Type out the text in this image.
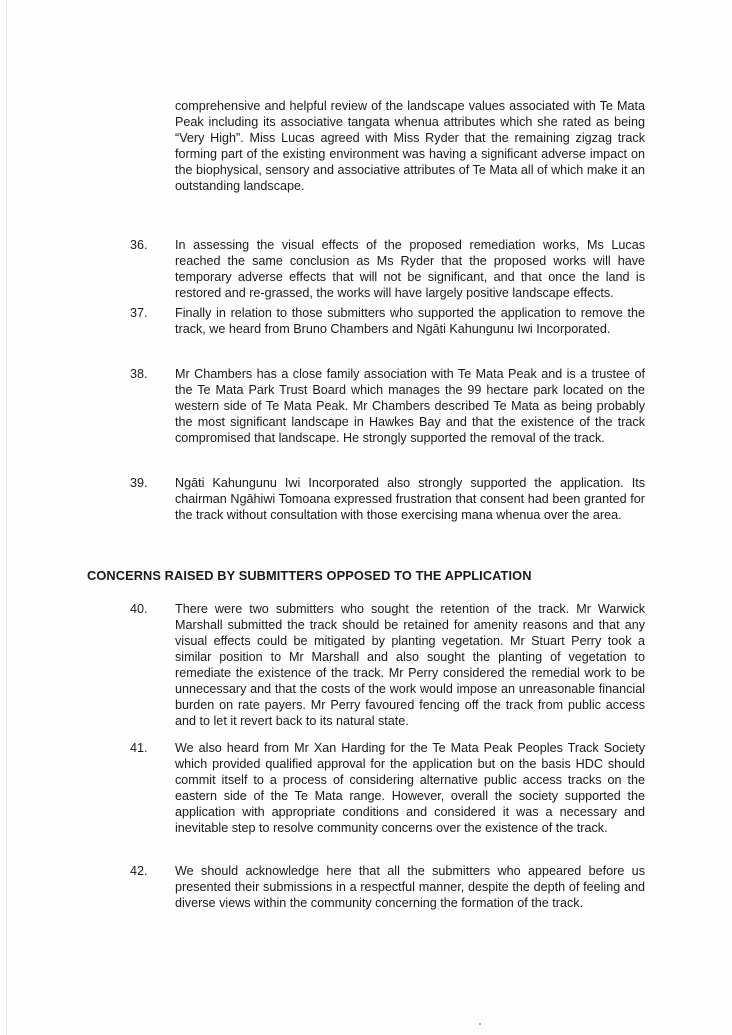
comprehensive and helpful review of the landscape values associated with Te Mata Peak including its associative tangata whenua attributes which she rated as being “Very High”. Miss Lucas agreed with Miss Ryder that the remaining zigzag track forming part of the existing environment was having a significant adverse impact on the biophysical, sensory and associative attributes of Te Mata all of which make it an outstanding landscape.
36.	In assessing the visual effects of the proposed remediation works, Ms Lucas reached the same conclusion as Ms Ryder that the proposed works will have temporary adverse effects that will not be significant, and that once the land is restored and re-grassed, the works will have largely positive landscape effects.
37.	Finally in relation to those submitters who supported the application to remove the track, we heard from Bruno Chambers and Ngāti Kahungunu Iwi Incorporated.
38.	Mr Chambers has a close family association with Te Mata Peak and is a trustee of the Te Mata Park Trust Board which manages the 99 hectare park located on the western side of Te Mata Peak. Mr Chambers described Te Mata as being probably the most significant landscape in Hawkes Bay and that the existence of the track compromised that landscape. He strongly supported the removal of the track.
39.	Ngāti Kahungunu Iwi Incorporated also strongly supported the application. Its chairman Ngāhiwi Tomoana expressed frustration that consent had been granted for the track without consultation with those exercising mana whenua over the area.
CONCERNS RAISED BY SUBMITTERS OPPOSED TO THE APPLICATION
40.	There were two submitters who sought the retention of the track. Mr Warwick Marshall submitted the track should be retained for amenity reasons and that any visual effects could be mitigated by planting vegetation. Mr Stuart Perry took a similar position to Mr Marshall and also sought the planting of vegetation to remediate the existence of the track. Mr Perry considered the remedial work to be unnecessary and that the costs of the work would impose an unreasonable financial burden on rate payers. Mr Perry favoured fencing off the track from public access and to let it revert back to its natural state.
41.	We also heard from Mr Xan Harding for the Te Mata Peak Peoples Track Society which provided qualified approval for the application but on the basis HDC should commit itself to a process of considering alternative public access tracks on the eastern side of the Te Mata range. However, overall the society supported the application with appropriate conditions and considered it was a necessary and inevitable step to resolve community concerns over the existence of the track.
42.	We should acknowledge here that all the submitters who appeared before us presented their submissions in a respectful manner, despite the depth of feeling and diverse views within the community concerning the formation of the track.
